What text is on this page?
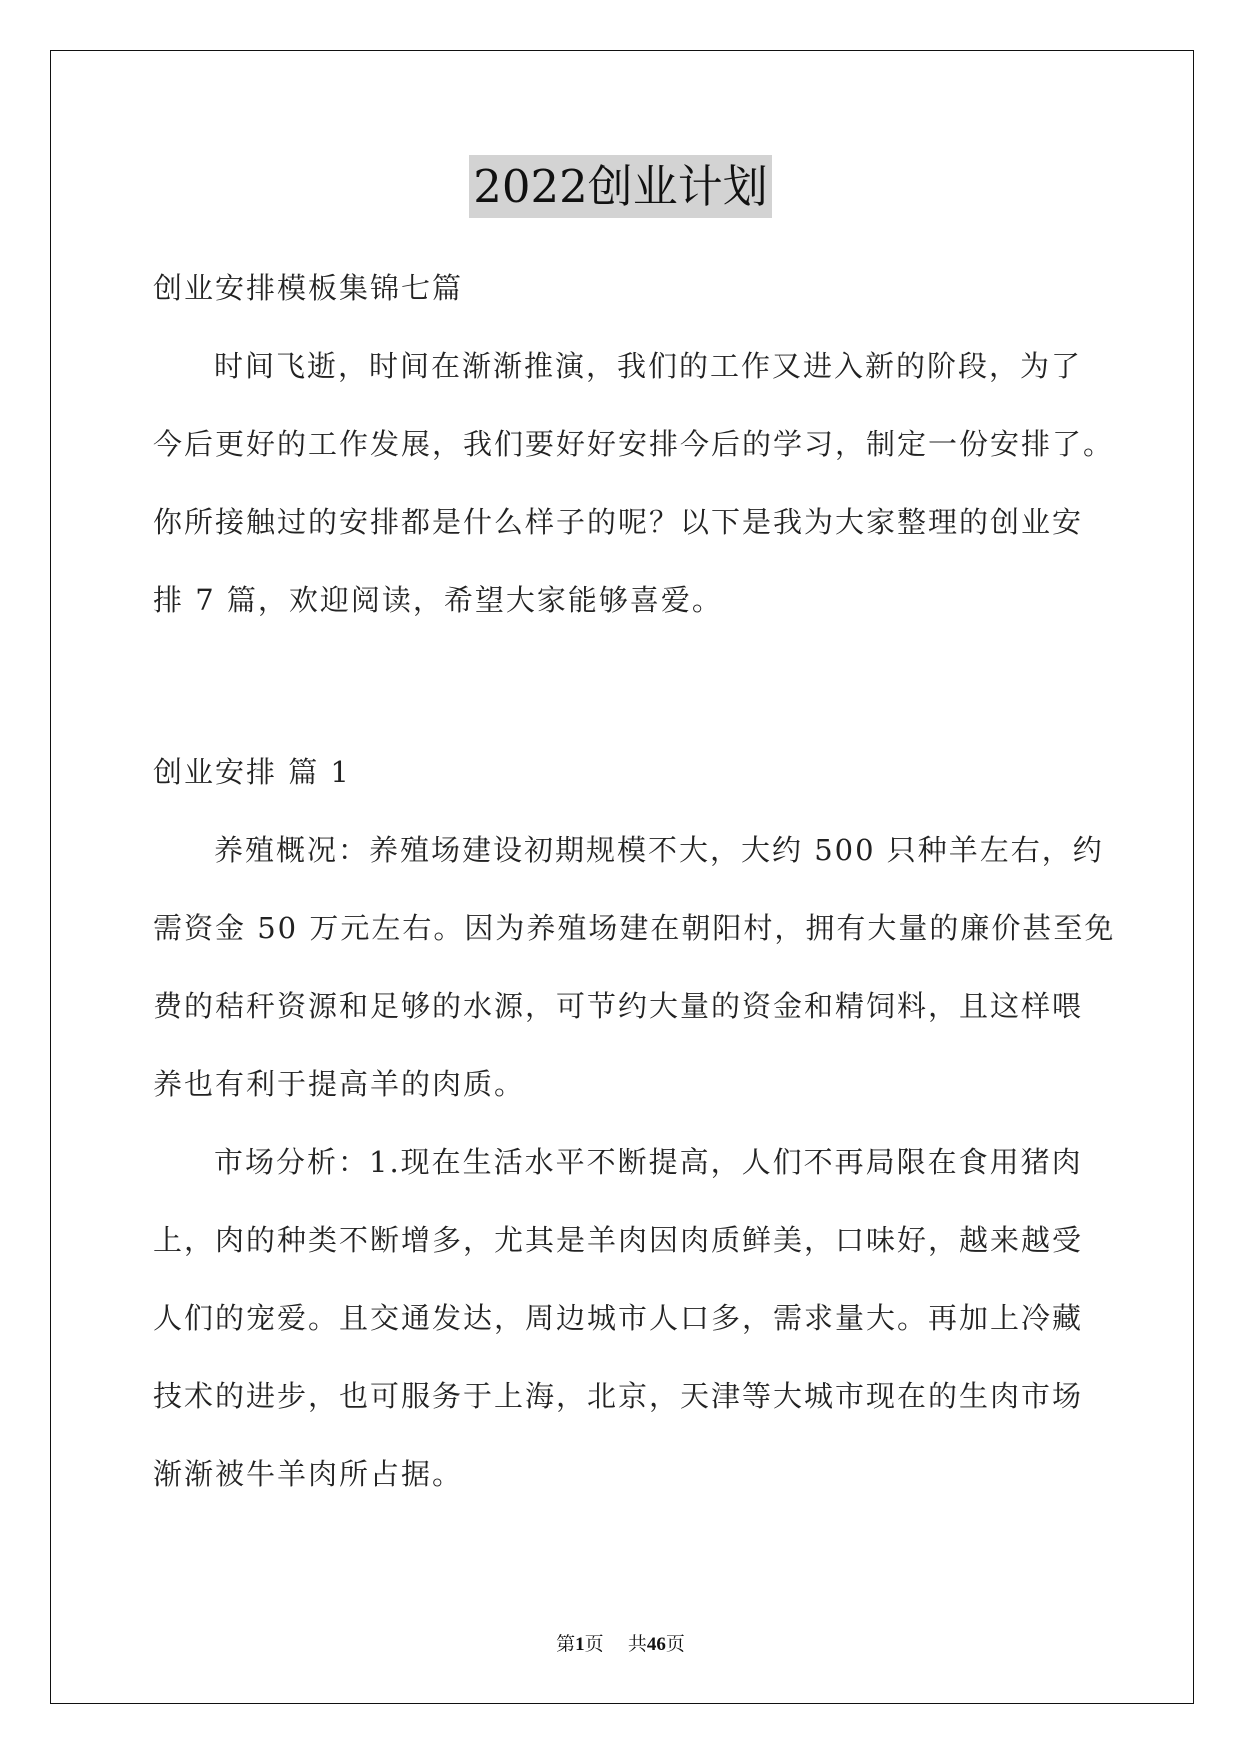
2022创业计划
创业安排模板集锦七篇
时间飞逝，时间在渐渐推演，我们的工作又进入新的阶段，为了
今后更好的工作发展，我们要好好安排今后的学习，制定一份安排了。
你所接触过的安排都是什么样子的呢？以下是我为大家整理的创业安
排 7 篇，欢迎阅读，希望大家能够喜爱。
创业安排 篇 1
养殖概况：养殖场建设初期规模不大，大约 500 只种羊左右，约
需资金 50 万元左右。因为养殖场建在朝阳村，拥有大量的廉价甚至免
费的秸秆资源和足够的水源，可节约大量的资金和精饲料，且这样喂
养也有利于提高羊的肉质。
市场分析：1.现在生活水平不断提高，人们不再局限在食用猪肉
上，肉的种类不断增多，尤其是羊肉因肉质鲜美，口味好，越来越受
人们的宠爱。且交通发达，周边城市人口多，需求量大。再加上冷藏
技术的进步，也可服务于上海，北京，天津等大城市现在的生肉市场
渐渐被牛羊肉所占据。
第1页 共46页
